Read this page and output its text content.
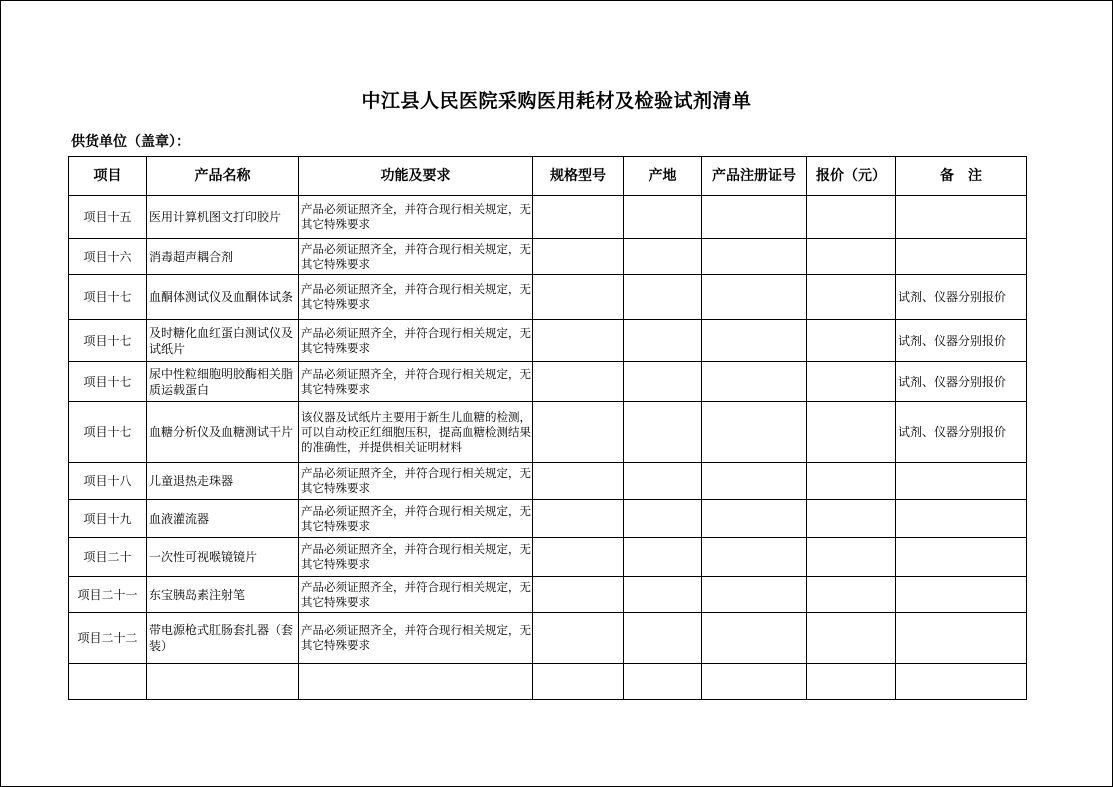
中江县人民医院采购医用耗材及检验试剂清单
供货单位（盖章）：
项目	产品名称	功能及要求	规格型号	产地	产品注册证号	报价（元）	备　注
项目十五	医用计算机图文打印胶片	产品必须证照齐全，并符合现行相关规定，无其它特殊要求					
项目十六	消毒超声耦合剂	产品必须证照齐全，并符合现行相关规定，无其它特殊要求					
项目十七	血酮体测试仪及血酮体试条	产品必须证照齐全，并符合现行相关规定，无其它特殊要求					试剂、仪器分别报价
项目十七	及时糖化血红蛋白测试仪及试纸片	产品必须证照齐全，并符合现行相关规定，无其它特殊要求					试剂、仪器分别报价
项目十七	尿中性粒细胞明胶酶相关脂质运载蛋白	产品必须证照齐全，并符合现行相关规定，无其它特殊要求					试剂、仪器分别报价
项目十七	血糖分析仪及血糖测试干片	该仪器及试纸片主要用于新生儿血糖的检测，可以自动校正红细胞压积，提高血糖检测结果的准确性，并提供相关证明材料					试剂、仪器分别报价
项目十八	儿童退热走珠器	产品必须证照齐全，并符合现行相关规定，无其它特殊要求					
项目十九	血液灌流器	产品必须证照齐全，并符合现行相关规定，无其它特殊要求					
项目二十	一次性可视喉镜镜片	产品必须证照齐全，并符合现行相关规定，无其它特殊要求					
项目二十一	东宝胰岛素注射笔	产品必须证照齐全，并符合现行相关规定，无其它特殊要求					
项目二十二	带电源枪式肛肠套扎器（套装）	产品必须证照齐全，并符合现行相关规定，无其它特殊要求					
